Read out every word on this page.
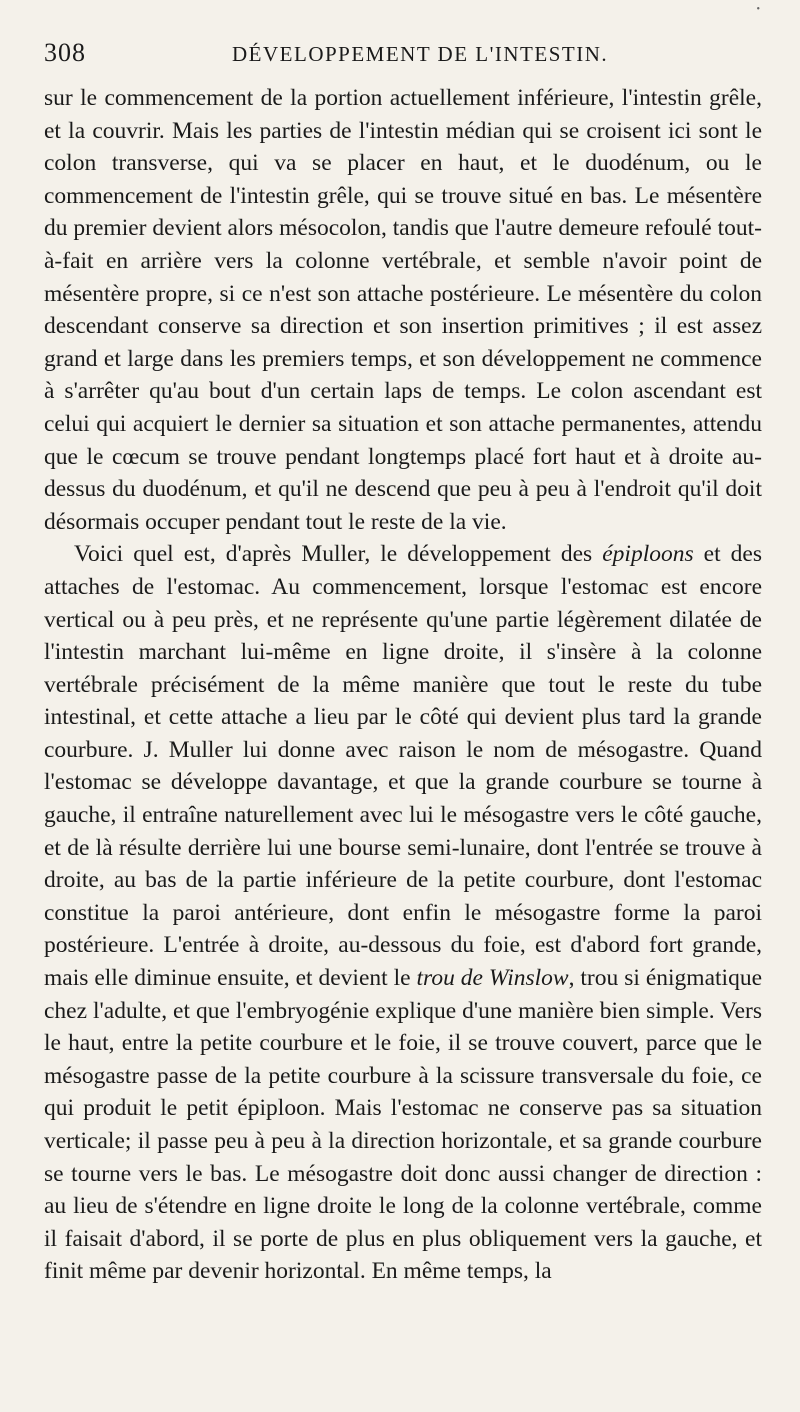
•
308	DÉVELOPPEMENT DE L'INTESTIN.

sur le commencement de la portion actuellement inférieure, l'intestin grêle, et la couvrir. Mais les parties de l'intestin médian qui se croisent ici sont le colon transverse, qui va se placer en haut, et le duodénum, ou le commencement de l'intestin grêle, qui se trouve situé en bas. Le mésentère du premier devient alors mésocolon, tandis que l'autre demeure refoulé tout-à-fait en arrière vers la colonne vertébrale, et semble n'avoir point de mésentère propre, si ce n'est son attache postérieure. Le mésentère du colon descendant conserve sa direction et son insertion primitives ; il est assez grand et large dans les premiers temps, et son développement ne commence à s'arrêter qu'au bout d'un certain laps de temps. Le colon ascendant est celui qui acquiert le dernier sa situation et son attache permanentes, attendu que le cœcum se trouve pendant longtemps placé fort haut et à droite au-dessus du duodénum, et qu'il ne descend que peu à peu à l'endroit qu'il doit désormais occuper pendant tout le reste de la vie.

Voici quel est, d'après Muller, le développement des épiploons et des attaches de l'estomac. Au commencement, lorsque l'estomac est encore vertical ou à peu près, et ne représente qu'une partie légèrement dilatée de l'intestin marchant lui-même en ligne droite, il s'insère à la colonne vertébrale précisément de la même manière que tout le reste du tube intestinal, et cette attache a lieu par le côté qui devient plus tard la grande courbure. J. Muller lui donne avec raison le nom de mésogastre. Quand l'estomac se développe davantage, et que la grande courbure se tourne à gauche, il entraîne naturellement avec lui le mésogastre vers le côté gauche, et de là résulte derrière lui une bourse semi-lunaire, dont l'entrée se trouve à droite, au bas de la partie inférieure de la petite courbure, dont l'estomac constitue la paroi antérieure, dont enfin le mésogastre forme la paroi postérieure. L'entrée à droite, au-dessous du foie, est d'abord fort grande, mais elle diminue ensuite, et devient le trou de Winslow, trou si énigmatique chez l'adulte, et que l'embryogénie explique d'une manière bien simple. Vers le haut, entre la petite courbure et le foie, il se trouve couvert, parce que le mésogastre passe de la petite courbure à la scissure transversale du foie, ce qui produit le petit épiploon. Mais l'estomac ne conserve pas sa situation verticale; il passe peu à peu à la direction horizontale, et sa grande courbure se tourne vers le bas. Le mésogastre doit donc aussi changer de direction : au lieu de s'étendre en ligne droite le long de la colonne vertébrale, comme il faisait d'abord, il se porte de plus en plus obliquement vers la gauche, et finit même par devenir horizontal. En même temps, la
